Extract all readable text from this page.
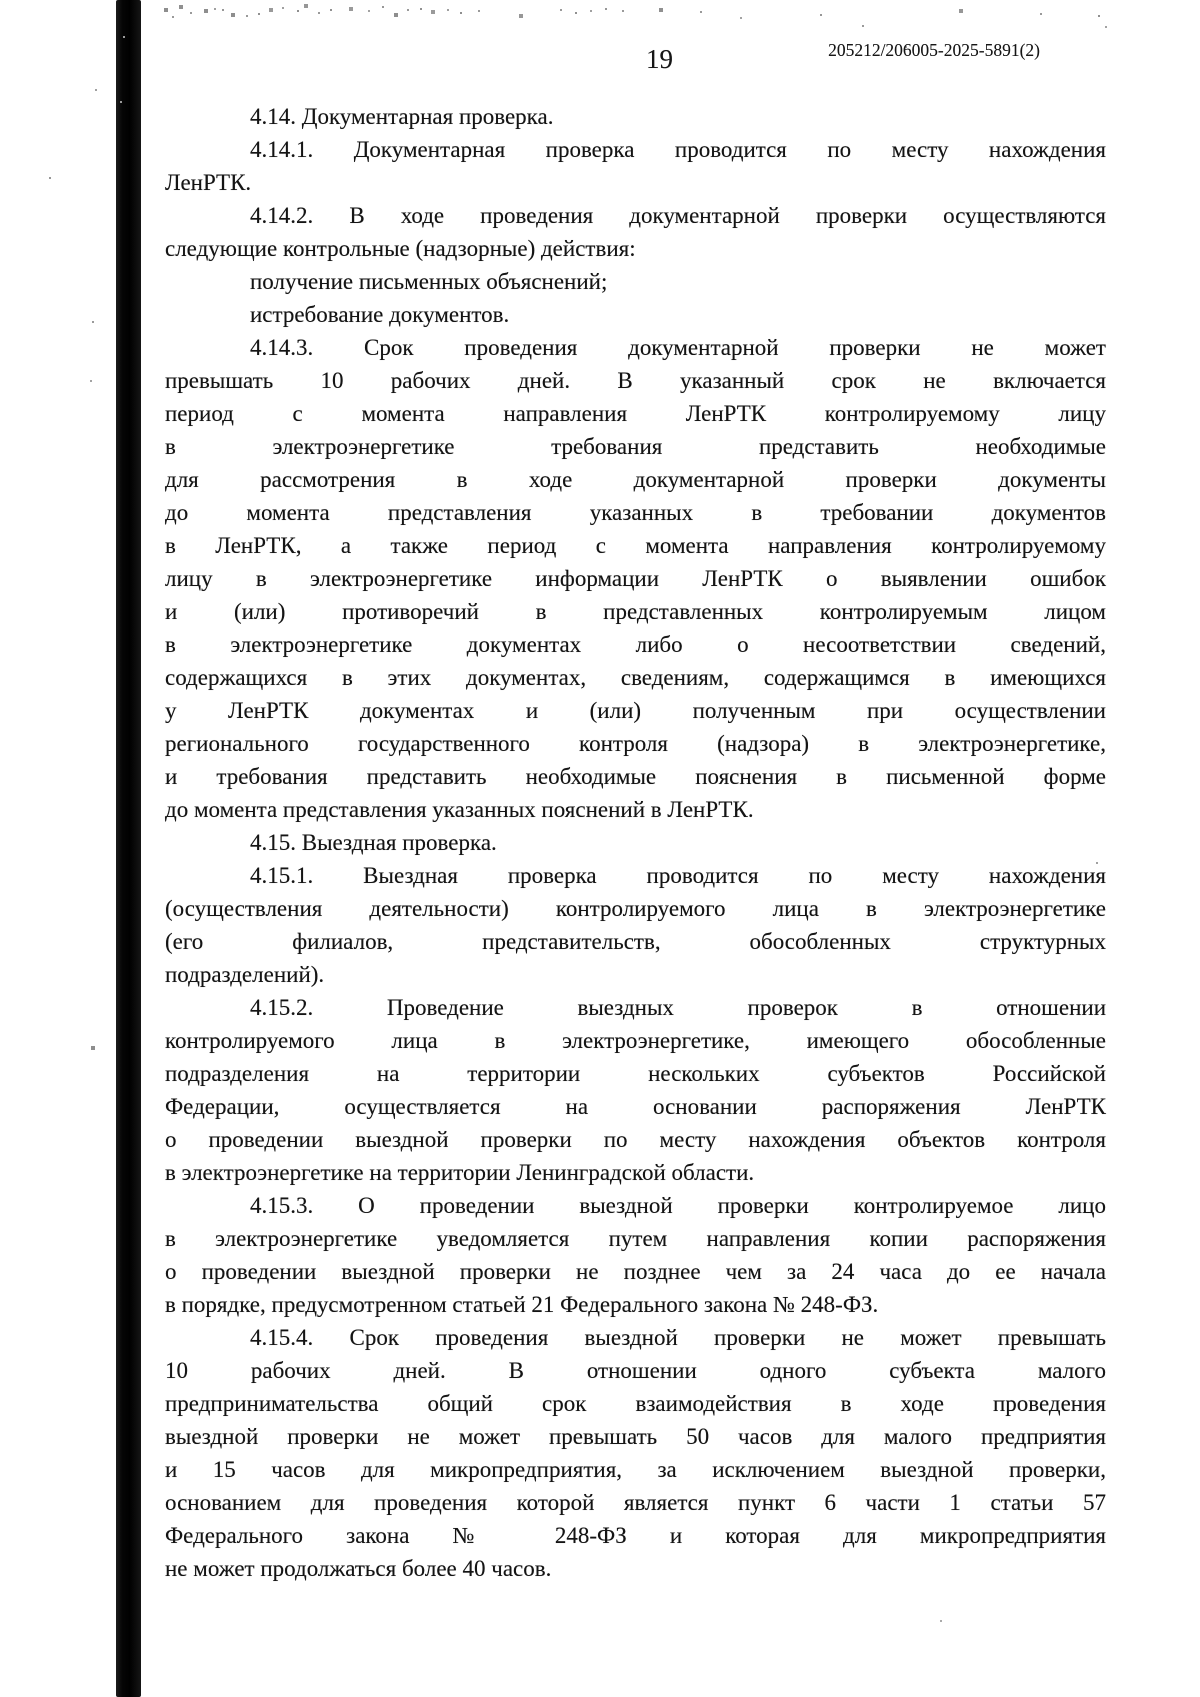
19	205212/206005-2025-5891(2)
4.14. Документарная проверка.
4.14.1. Документарная проверка проводится по месту нахождения
ЛенРТК.
4.14.2. В ходе проведения документарной проверки осуществляются
следующие контрольные (надзорные) действия:
получение письменных объяснений;
истребование документов.
4.14.3. Срок проведения документарной проверки не может
превышать 10 рабочих дней. В указанный срок не включается
период с момента направления ЛенРТК контролируемому лицу
в электроэнергетике требования представить необходимые
для рассмотрения в ходе документарной проверки документы
до момента представления указанных в требовании документов
в ЛенРТК, а также период с момента направления контролируемому
лицу в электроэнергетике информации ЛенРТК о выявлении ошибок
и (или) противоречий в представленных контролируемым лицом
в электроэнергетике документах либо о несоответствии сведений,
содержащихся в этих документах, сведениям, содержащимся в имеющихся
у ЛенРТК документах и (или) полученным при осуществлении
регионального государственного контроля (надзора) в электроэнергетике,
и требования представить необходимые пояснения в письменной форме
до момента представления указанных пояснений в ЛенРТК.
4.15. Выездная проверка.
4.15.1. Выездная проверка проводится по месту нахождения
(осуществления деятельности) контролируемого лица в электроэнергетике
(его филиалов, представительств, обособленных структурных
подразделений).
4.15.2. Проведение выездных проверок в отношении
контролируемого лица в электроэнергетике, имеющего обособленные
подразделения на территории нескольких субъектов Российской
Федерации, осуществляется на основании распоряжения ЛенРТК
о проведении выездной проверки по месту нахождения объектов контроля
в электроэнергетике на территории Ленинградской области.
4.15.3. О проведении выездной проверки контролируемое лицо
в электроэнергетике уведомляется путем направления копии распоряжения
о проведении выездной проверки не позднее чем за 24 часа до ее начала
в порядке, предусмотренном статьей 21 Федерального закона № 248-ФЗ.
4.15.4. Срок проведения выездной проверки не может превышать
10 рабочих дней. В отношении одного субъекта малого
предпринимательства общий срок взаимодействия в ходе проведения
выездной проверки не может превышать 50 часов для малого предприятия
и 15 часов для микропредприятия, за исключением выездной проверки,
основанием для проведения которой является пункт 6 части 1 статьи 57
Федерального закона № 248-ФЗ и которая для микропредприятия
не может продолжаться более 40 часов.
